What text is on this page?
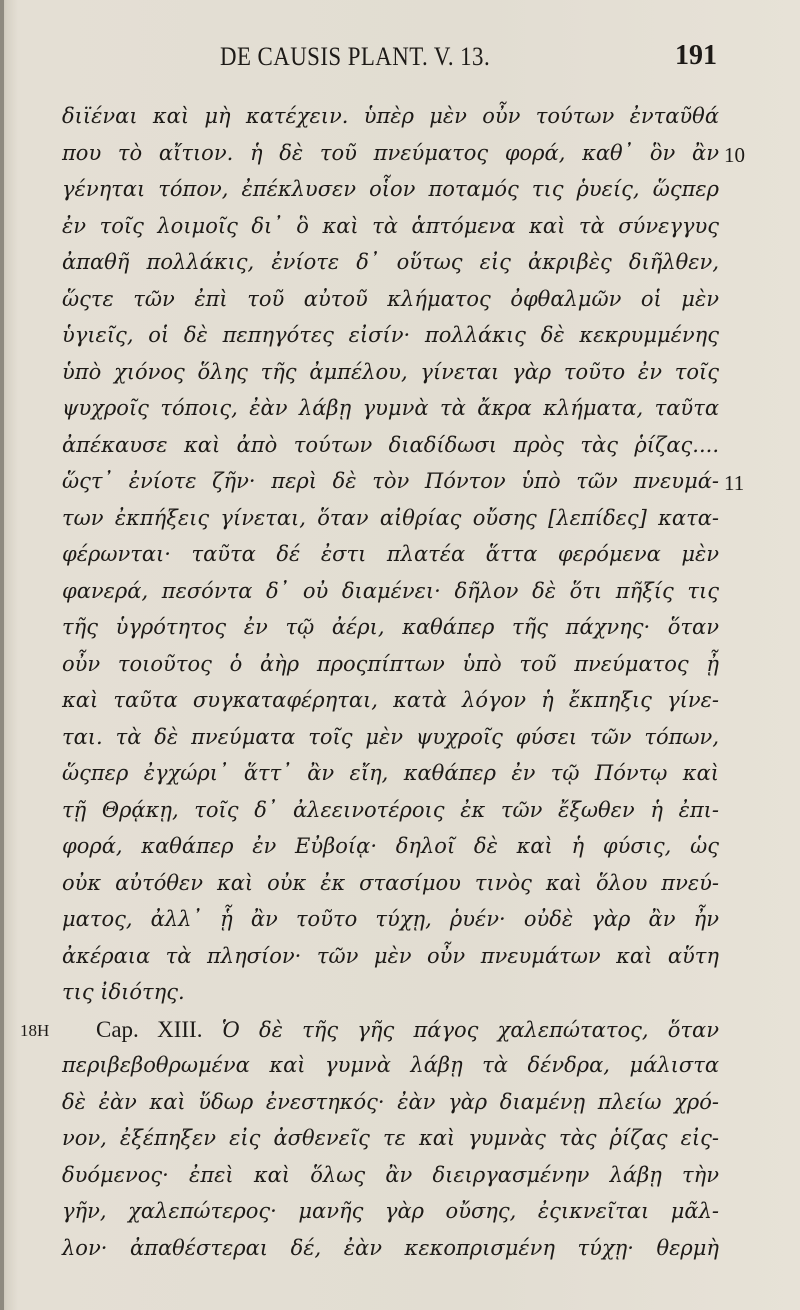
DE CAUSIS PLANT. V. 13.	191
διϊέναι καὶ μὴ κατέχειν. ὑπὲρ μὲν οὖν τούτων ἐνταῦθά
που τὸ αἴτιον. ἡ δὲ τοῦ πνεύματος φορά, καθ᾽ ὃν ἂν 10
γένηται τόπον, ἐπέκλυσεν οἷον ποταμός τις ῥυείς, ὥςπερ
ἐν τοῖς λοιμοῖς δι᾽ ὃ καὶ τὰ ἁπτόμενα καὶ τὰ σύνεγγυς
ἀπαθῆ πολλάκις, ἐνίοτε δ᾽ οὕτως εἰς ἀκριβὲς διῆλθεν,
ὥςτε τῶν ἐπὶ τοῦ αὐτοῦ κλήματος ὀφθαλμῶν οἱ μὲν
ὑγιεῖς, οἱ δὲ πεπηγότες εἰσίν· πολλάκις δὲ κεκρυμμένης
ὑπὸ χιόνος ὅλης τῆς ἀμπέλου, γίνεται γὰρ τοῦτο ἐν τοῖς
ψυχροῖς τόποις, ἐὰν λάβῃ γυμνὰ τὰ ἄκρα κλήματα, ταῦτα
ἀπέκαυσε καὶ ἀπὸ τούτων διαδίδωσι πρὸς τὰς ῥίζας....
ὥςτ᾽ ἐνίοτε ζῆν· περὶ δὲ τὸν Πόντον ὑπὸ τῶν πνευμά- 11
των ἐκπήξεις γίνεται, ὅταν αἰθρίας οὔσης [λεπίδες] κατα-
φέρωνται· ταῦτα δέ ἐστι πλατέα ἅττα φερόμενα μὲν
φανερά, πεσόντα δ᾽ οὐ διαμένει· δῆλον δὲ ὅτι πῆξίς τις
τῆς ὑγρότητος ἐν τῷ ἀέρι, καθάπερ τῆς πάχνης· ὅταν
οὖν τοιοῦτος ὁ ἀὴρ προςπίπτων ὑπὸ τοῦ πνεύματος ᾖ
καὶ ταῦτα συγκαταφέρηται, κατὰ λόγον ἡ ἔκπηξις γίνε-
ται. τὰ δὲ πνεύματα τοῖς μὲν ψυχροῖς φύσει τῶν τόπων,
ὥςπερ ἐγχώρι᾽ ἅττ᾽ ἂν εἴη, καθάπερ ἐν τῷ Πόντῳ καὶ
τῇ Θρᾴκῃ, τοῖς δ᾽ ἀλεεινοτέροις ἐκ τῶν ἔξωθεν ἡ ἐπι-
φορά, καθάπερ ἐν Εὐβοίᾳ· δηλοῖ δὲ καὶ ἡ φύσις, ὡς
οὐκ αὐτόθεν καὶ οὐκ ἐκ στασίμου τινὸς καὶ ὅλου πνεύ-
ματος, ἀλλ᾽ ᾗ ἂν τοῦτο τύχῃ, ῥυέν· οὐδὲ γὰρ ἂν ἦν
ἀκέραια τὰ πλησίον· τῶν μὲν οὖν πνευμάτων καὶ αὕτη
τις ἰδιότης.
18H Cap. XIII. Ὁ δὲ τῆς γῆς πάγος χαλεπώτατος, ὅταν
περιβεβοθρωμένα καὶ γυμνὰ λάβῃ τὰ δένδρα, μάλιστα
δὲ ἐὰν καὶ ὕδωρ ἐνεστηκός· ἐὰν γὰρ διαμένῃ πλείω χρό-
νον, ἐξέπηξεν εἰς ἀσθενεῖς τε καὶ γυμνὰς τὰς ῥίζας εἰς-
δυόμενος· ἐπεὶ καὶ ὅλως ἂν διειργασμένην λάβῃ τὴν
γῆν, χαλεπώτερος· μανῆς γὰρ οὔσης, ἐςικνεῖται μᾶλ-
λον· ἀπαθέστεραι δέ, ἐὰν κεκοπρισμένη τύχῃ· θερμὴ
